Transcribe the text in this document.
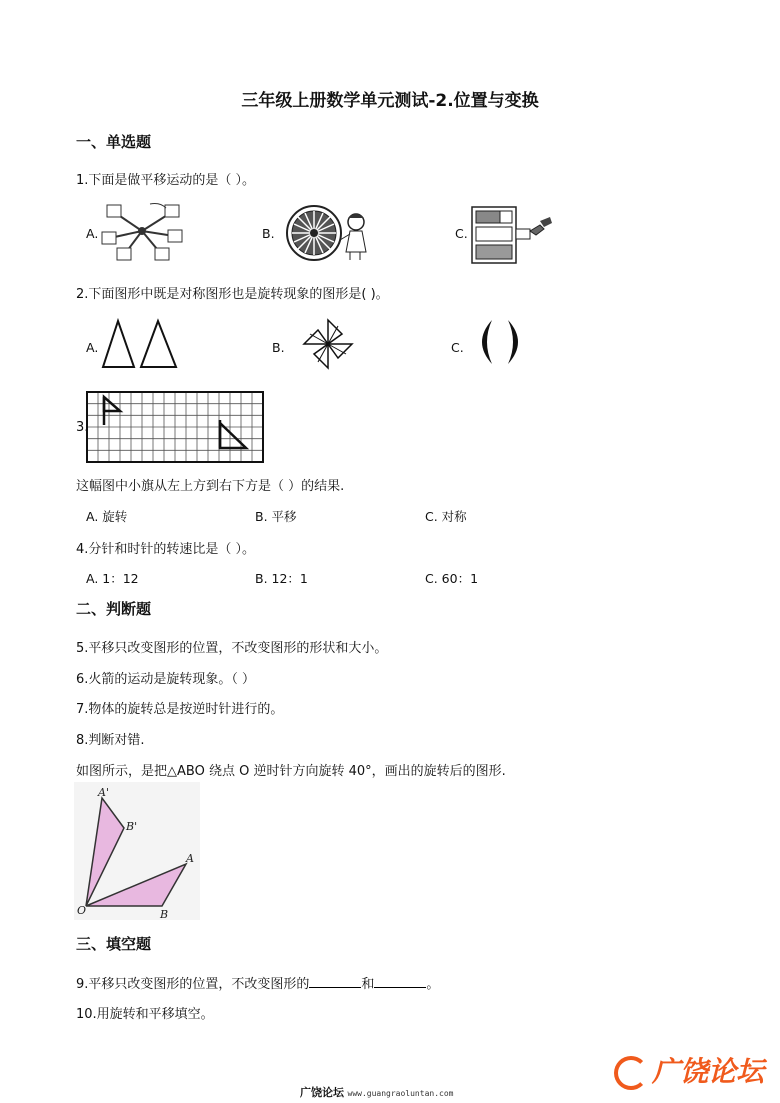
三年级上册数学单元测试-2.位置与变换
一、单选题
1.下面是做平移运动的是（ ）。
A.	B.	C.
2.下面图形中既是对称图形也是旋转现象的图形是( )。
A.	B.	C.
3.
这幅图中小旗从左上方到右下方是（ ）的结果.
A. 旋转	B. 平移	C. 对称
4.分针和时针的转速比是（ ）。
A. 1：12	B. 12：1	C. 60：1
二、判断题
5.平移只改变图形的位置，不改变图形的形状和大小。
6.火箭的运动是旋转现象。（ ）
7.物体的旋转总是按逆时针进行的。
8.判断对错.
如图所示，是把△ABO 绕点 O 逆时针方向旋转 40°，画出的旋转后的图形.
A'
B'
A
O	B
三、填空题
9.平移只改变图形的位置，不改变图形的	和	。
10.用旋转和平移填空。
广饶论坛
广饶论坛 www.guangraoluntan.com
